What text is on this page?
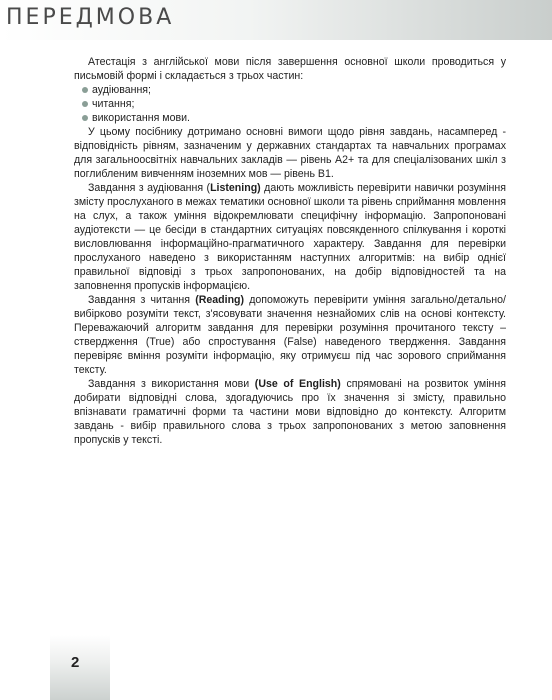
ПЕРЕДМОВА

Атестація з англійської мови після завершення основної школи проводиться у письмовій формі і складається з трьох частин:

аудіювання;
читання;
використання мови.

У цьому посібнику дотримано основні вимоги щодо рівня завдань, насамперед - відповідність рівням, зазначеним у державних стандартах та навчальних програмах для загальноосвітніх навчальних закладів — рівень А2+ та для спеціалізованих шкіл з поглибленим вивченням іноземних мов — рівень В1.

Завдання з аудіювання (Listening) дають можливість перевірити навички розуміння змісту прослуханого в межах тематики основної школи та рівень сприймання мовлення на слух, а також уміння відокремлювати специфічну інформацію. Запропоновані аудіотексти — це бесіди в стандартних ситуаціях повсякденного спілкування і короткі висловлювання інформаційно-прагматичного характеру. Завдання для перевірки прослуханого наведено з використанням наступних алгоритмів: на вибір однієї правильної відповіді з трьох запропонованих, на добір відповідностей та на заповнення пропусків інформацією.

Завдання з читання (Reading) допоможуть перевірити уміння загально/детально/вибірково розуміти текст, з'ясовувати значення незнайомих слів на основі контексту. Переважаючий алгоритм завдання для перевірки розуміння прочитаного тексту – ствердження (True) або спростування (False) наведеного твердження. Завдання перевіряє вміння розуміти інформацію, яку отримуєш під час зорового сприймання тексту.

Завдання з використання мови (Use of English) спрямовані на розвиток уміння добирати відповідні слова, здогадуючись про їх значення зі змісту, правильно впізнавати граматичні форми та частини мови відповідно до контексту. Алгоритм завдань - вибір правильного слова з трьох запропонованих з метою заповнення пропусків у тексті.

2
